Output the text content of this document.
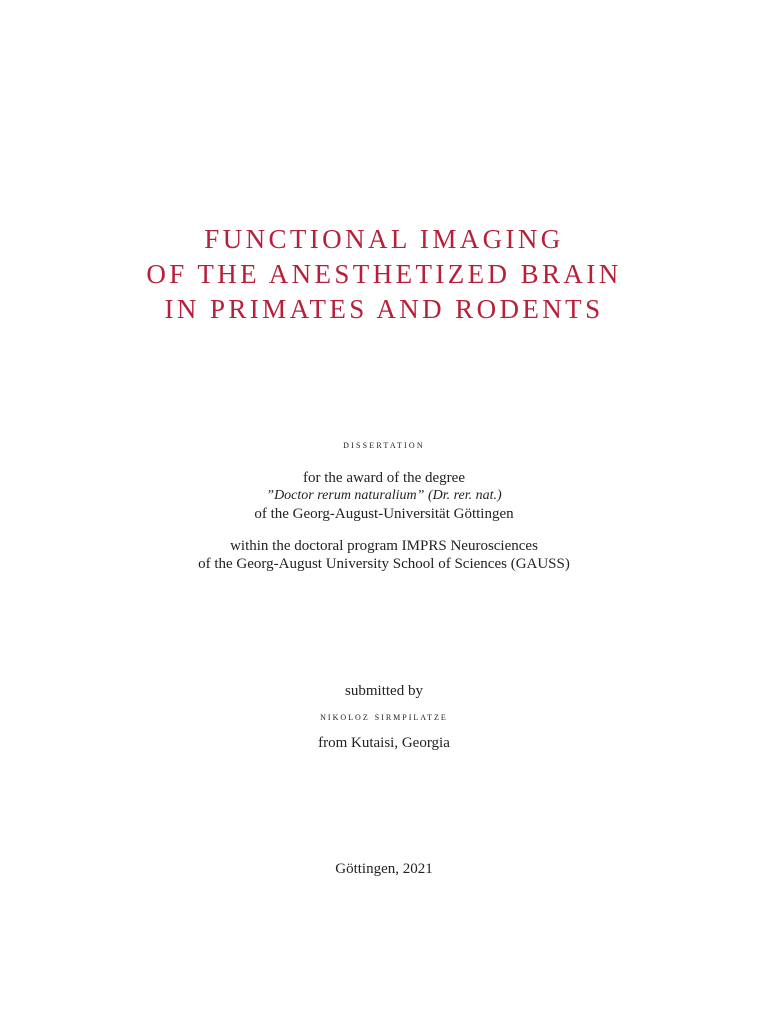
FUNCTIONAL IMAGING
OF THE ANESTHETIZED BRAIN
IN PRIMATES AND RODENTS
dissertation
for the award of the degree
”Doctor rerum naturalium” (Dr. rer. nat.)
of the Georg-August-Universität Göttingen
within the doctoral program IMPRS Neurosciences
of the Georg-August University School of Sciences (GAUSS)
submitted by
nikoloz sirmpilatze
from Kutaisi, Georgia
Göttingen, 2021
